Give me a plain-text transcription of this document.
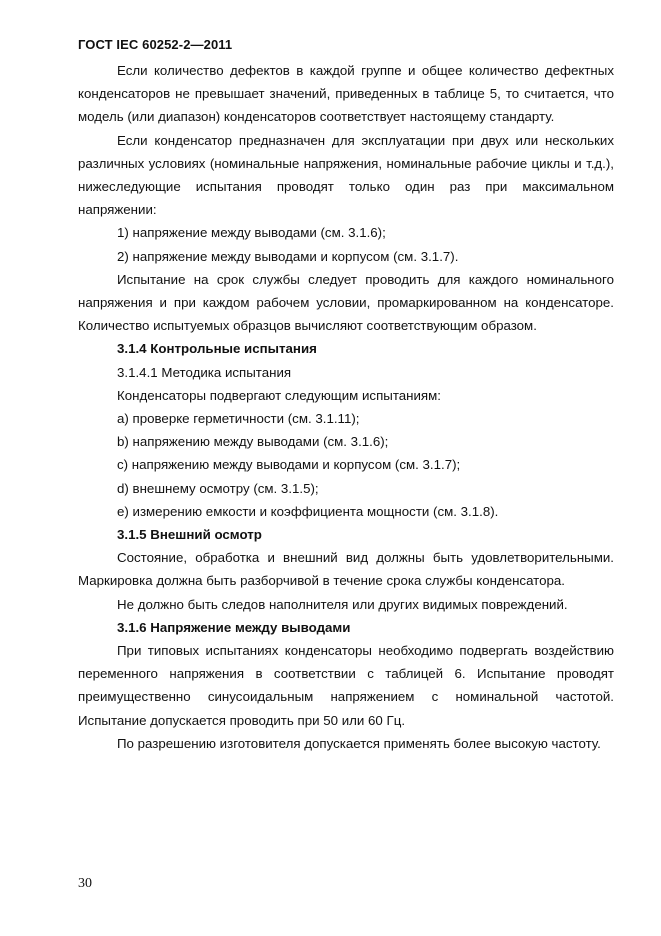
ГОСТ IEC 60252-2—2011

Если количество дефектов в каждой группе и общее количество дефектных конденсаторов не превышает значений, приведенных в таблице 5, то считается, что модель (или диапазон) конденсаторов соответствует настоящему стандарту.

Если конденсатор предназначен для эксплуатации при двух или нескольких различных условиях (номинальные напряжения, номинальные рабочие циклы и т.д.), нижеследующие испытания проводят только один раз при максимальном напряжении:

1) напряжение между выводами (см. 3.1.6);

2) напряжение между выводами и корпусом (см. 3.1.7).

Испытание на срок службы следует проводить для каждого номинального напряжения и при каждом рабочем условии, промаркированном на конденсаторе. Количество испытуемых образцов вычисляют соответствующим образом.

3.1.4 Контрольные испытания

3.1.4.1 Методика испытания

Конденсаторы подвергают следующим испытаниям:

a) проверке герметичности (см. 3.1.11);

b) напряжению между выводами (см. 3.1.6);

c) напряжению между выводами и корпусом (см. 3.1.7);

d) внешнему осмотру (см. 3.1.5);

e) измерению емкости и коэффициента мощности (см. 3.1.8).

3.1.5 Внешний осмотр

Состояние, обработка и внешний вид должны быть удовлетворительными. Маркировка должна быть разборчивой в течение срока службы конденсатора.

Не должно быть следов наполнителя или других видимых повреждений.

3.1.6 Напряжение между выводами

При типовых испытаниях конденсаторы необходимо подвергать воздействию переменного напряжения в соответствии с таблицей 6. Испытание проводят преимущественно синусоидальным напряжением с номинальной частотой. Испытание допускается проводить при 50 или 60 Гц.

По разрешению изготовителя допускается применять более высокую частоту.

30
